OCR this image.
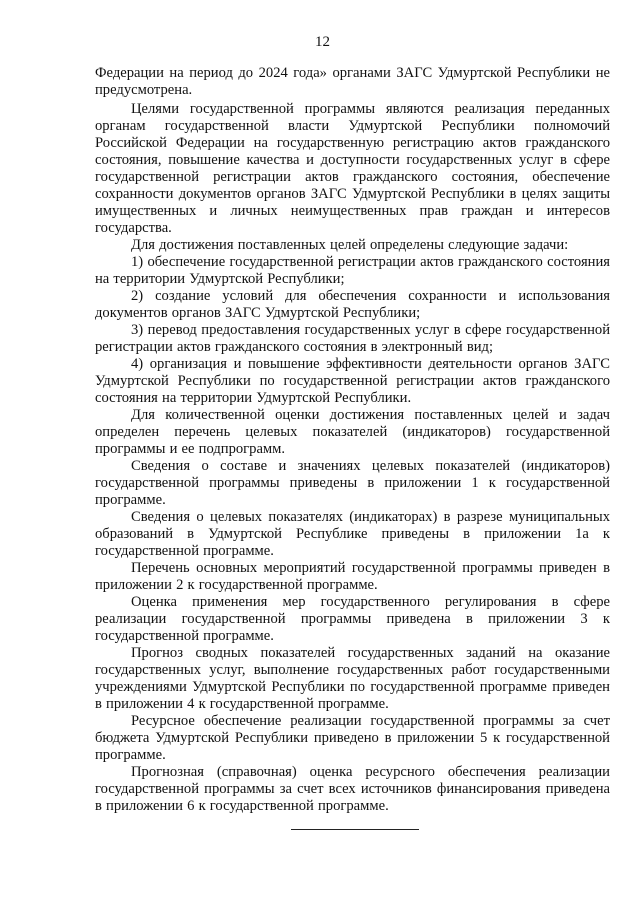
12

Федерации на период до 2024 года» органами ЗАГС Удмуртской Республики не предусмотрена.

Целями государственной программы являются реализация переданных органам государственной власти Удмуртской Республики полномочий Российской Федерации на государственную регистрацию актов гражданского состояния, повышение качества и доступности государственных услуг в сфере государственной регистрации актов гражданского состояния, обеспечение сохранности документов органов ЗАГС Удмуртской Республики в целях защиты имущественных и личных неимущественных прав граждан и интересов государства.

Для достижения поставленных целей определены следующие задачи:

1) обеспечение государственной регистрации актов гражданского состояния на территории Удмуртской Республики;

2) создание условий для обеспечения сохранности и использования документов органов ЗАГС Удмуртской Республики;

3) перевод предоставления государственных услуг в сфере государственной регистрации актов гражданского состояния в электронный вид;

4) организация и повышение эффективности деятельности органов ЗАГС Удмуртской Республики по государственной регистрации актов гражданского состояния на территории Удмуртской Республики.

Для количественной оценки достижения поставленных целей и задач определен перечень целевых показателей (индикаторов) государственной программы и ее подпрограмм.

Сведения о составе и значениях целевых показателей (индикаторов) государственной программы приведены в приложении 1 к государственной программе.

Сведения о целевых показателях (индикаторах) в разрезе муниципальных образований в Удмуртской Республике приведены в приложении 1а к государственной программе.

Перечень основных мероприятий государственной программы приведен в приложении 2 к государственной программе.

Оценка применения мер государственного регулирования в сфере реализации государственной программы приведена в приложении 3 к государственной программе.

Прогноз сводных показателей государственных заданий на оказание государственных услуг, выполнение государственных работ государственными учреждениями Удмуртской Республики по государственной программе приведен в приложении 4 к государственной программе.

Ресурсное обеспечение реализации государственной программы за счет бюджета Удмуртской Республики приведено в приложении 5 к государственной программе.

Прогнозная (справочная) оценка ресурсного обеспечения реализации государственной программы за счет всех источников финансирования приведена в приложении 6 к государственной программе.
